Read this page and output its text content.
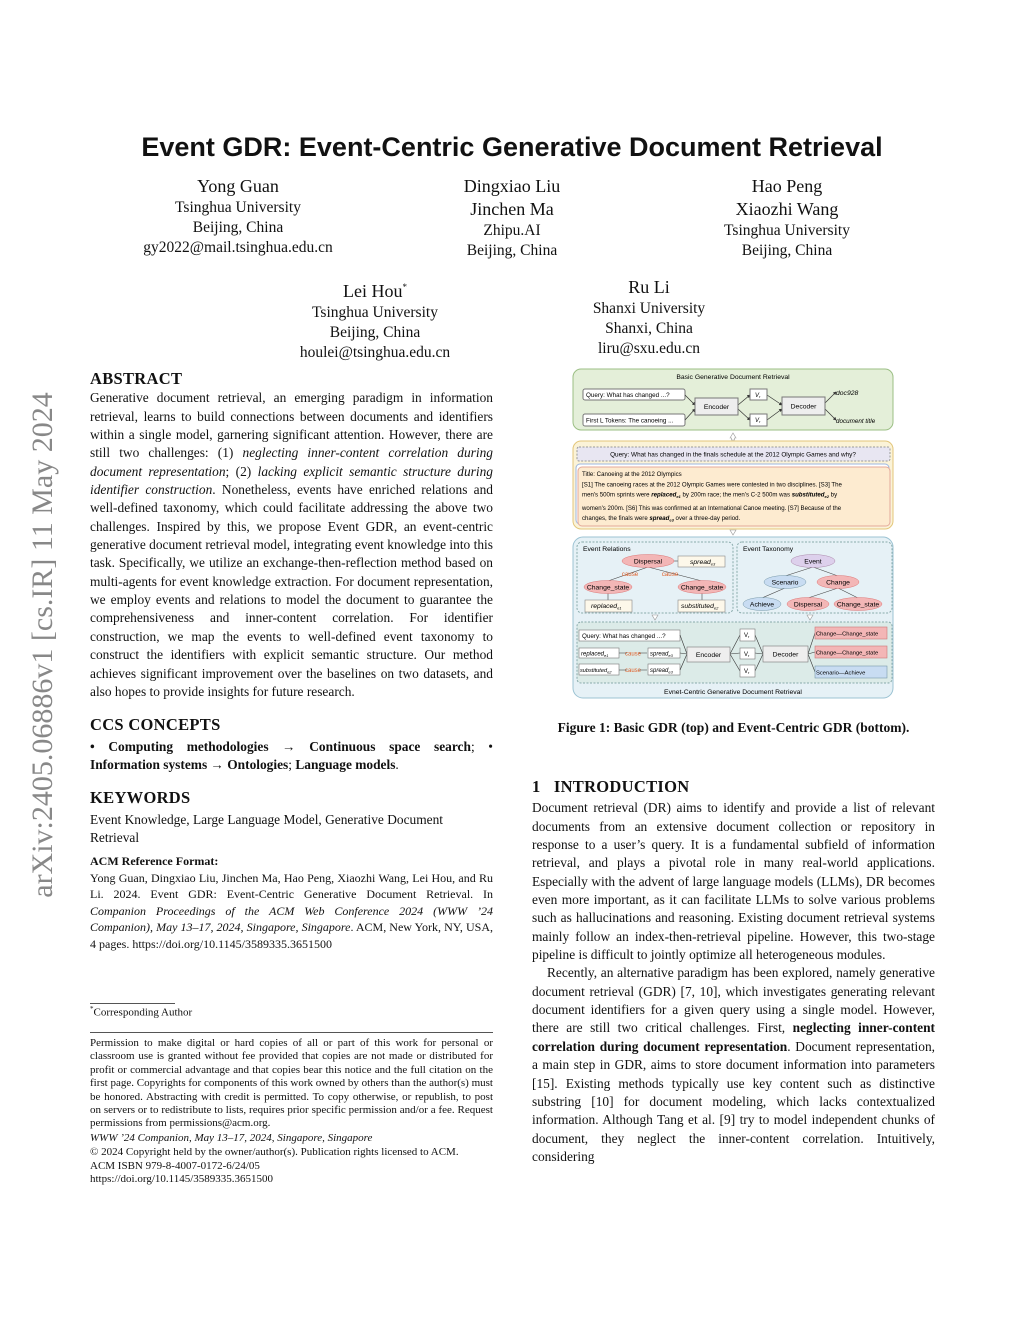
arXiv:2405.06886v1 [cs.IR] 11 May 2024
Event GDR: Event-Centric Generative Document Retrieval
Yong Guan
Tsinghua University
Beijing, China
gy2022@mail.tsinghua.edu.cn
Dingxiao Liu
Jinchen Ma
Zhipu.AI
Beijing, China
Hao Peng
Xiaozhi Wang
Tsinghua University
Beijing, China
Lei Hou*
Tsinghua University
Beijing, China
houlei@tsinghua.edu.cn
Ru Li
Shanxi University
Shanxi, China
liru@sxu.edu.cn
ABSTRACT

Generative document retrieval, an emerging paradigm in information retrieval, learns to build connections between documents and identifiers within a single model, garnering significant attention. However, there are still two challenges: (1) neglecting inner-content correlation during document representation; (2) lacking explicit semantic structure during identifier construction. Nonetheless, events have enriched relations and well-defined taxonomy, which could facilitate addressing the above two challenges. Inspired by this, we propose Event GDR, an event-centric generative document retrieval model, integrating event knowledge into this task. Specifically, we utilize an exchange-then-reflection method based on multi-agents for event knowledge extraction. For document representation, we employ events and relations to model the document to guarantee the comprehensiveness and inner-content correlation. For identifier construction, we map the events to well-defined event taxonomy to construct the identifiers with explicit semantic structure. Our method achieves significant improvement over the baselines on two datasets, and also hopes to provide insights for future research.

CCS CONCEPTS

• Computing methodologies → Continuous space search; • Information systems → Ontologies; Language models.

KEYWORDS

Event Knowledge, Large Language Model, Generative Document Retrieval

ACM Reference Format:

Yong Guan, Dingxiao Liu, Jinchen Ma, Hao Peng, Xiaozhi Wang, Lei Hou, and Ru Li. 2024. Event GDR: Event-Centric Generative Document Retrieval. In Companion Proceedings of the ACM Web Conference 2024 (WWW ’24 Companion), May 13–17, 2024, Singapore, Singapore. ACM, New York, NY, USA, 4 pages. https://doi.org/10.1145/3589335.3651500

*Corresponding Author

Permission to make digital or hard copies of all or part of this work for personal or classroom use is granted without fee provided that copies are not made or distributed for profit or commercial advantage and that copies bear this notice and the full citation on the first page. Copyrights for components of this work owned by others than the author(s) must be honored. Abstracting with credit is permitted. To copy otherwise, or republish, to post on servers or to redistribute to lists, requires prior specific permission and/or a fee. Request permissions from permissions@acm.org.

WWW ’24 Companion, May 13–17, 2024, Singapore, Singapore

© 2024 Copyright held by the owner/author(s). Publication rights licensed to ACM.

ACM ISBN 979-8-4007-0172-6/24/05

https://doi.org/10.1145/3589335.3651500

Basic Generative Document Retrieval
Query: What has changed ...?
First L Tokens: The canoeing ...
Encoder
Vr
Vr
Decoder
doc928
document title
Query: What has changed in the finals schedule at the 2012 Olympic Games and why?
Title: Canoeing at the 2012 Olympics
[S1] The canoeing races at the 2012 Olympic Games were contested in two disciplines. [S3] The
men's 500m sprints were replaced$_{e1}$ by 200m race; the men's C-2 500m was substituted$_{e2}$ by
women's 200m. [S6] This was confirmed at an International Canoe meeting. [S7] Because of the
changes, the finals were spread$_{e3}$ over a three-day period.
Event Relations
Dispersal	spread$_{e3}$
cause	cause
Change_state	Change_state
replaced$_{e1}$	substituted$_{e2}$
Event Taxonomy
Event
Scenario	Change
Achieve	Dispersal Change_state
Query: What has changed ...?
replaced$_{e1}$	cause spread$_{e3}$
substituted$_{e2}$ cause spread$_{e3}$
Encoder
Vr
Vr
Vr
Decoder
Change—Change_state
Change—Change_state
Scenario—Achieve
Evnet-Centric Generative Document Retrieval
Figure 1: Basic GDR (top) and Event-Centric GDR (bottom).
1 INTRODUCTION

Document retrieval (DR) aims to identify and provide a list of relevant documents from an extensive document collection or repository in response to a user’s query. It is a fundamental subfield of information retrieval, and plays a pivotal role in many real-world applications. Especially with the advent of large language models (LLMs), DR becomes even more important, as it can facilitate LLMs to solve various problems such as hallucinations and reasoning. Existing document retrieval systems mainly follow an index-then-retrieval pipeline. However, this two-stage pipeline is difficult to jointly optimize all heterogeneous modules.

Recently, an alternative paradigm has been explored, namely generative document retrieval (GDR) [7, 10], which investigates generating relevant document identifiers for a given query using a single model. However, there are still two critical challenges. First, neglecting inner-content correlation during document representation. Document representation, a main step in GDR, aims to store document information into parameters [15]. Existing methods typically use key content such as distinctive substring [10] for document modeling, which lacks contextualized information. Although Tang et al. [9] try to model independent chunks of document, they neglect the inner-content correlation. Intuitively, considering
